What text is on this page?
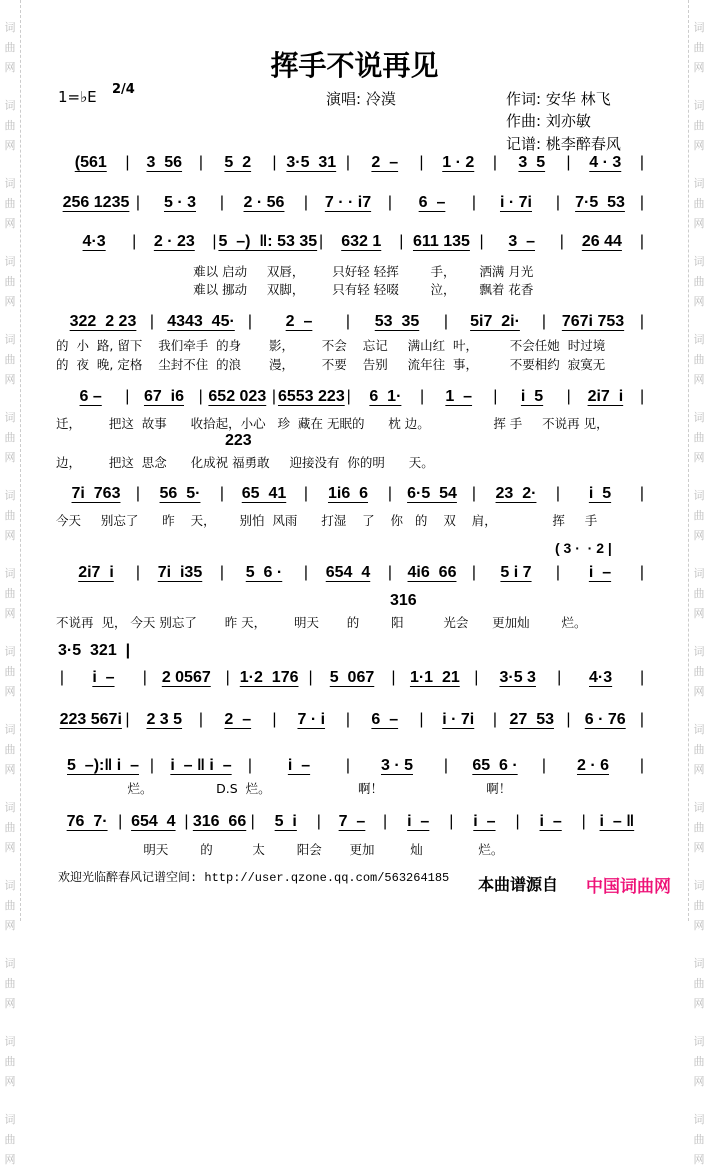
词
曲
网
词
曲
网
词
曲
网
词
曲
网
词
曲
网
词
曲
网
词
曲
网
词
曲
网
词
曲
网
词
曲
网
词
曲
网
词
曲
网
词
曲
网
词
曲
网
词
曲
网
词
曲
网
词
曲
网
词
曲
网
词
曲
网
词
曲
网
词
曲
网
词
曲
网
词
曲
网
词
曲
网
词
曲
网
词
曲
网
词
曲
网
词
曲
网
词
曲
网
词
曲
网
挥手不说再见
1=♭E 2/4
演唱: 冷漠	作词: 安华 林飞
作曲: 刘亦敏
记谱: 桃李醉春风
(561	|	3  56	|	5  2	| 3·5  31 |	2  –	|	1 · 2	|	3  5	|	4 · 3	|
256 1235 |	5 · 3	|	2 · 56	|	7 · · i7	|	6  –	|	i · 7i	| 7·5  53 |
4·3	|	2 · 23	| 5  –)  ‖: 53 35 |	632 1	| 611 135 |	3  –	|	26 44	|
322  2 23 | 4343  45· |	2  –	|	53  35	|	5i7  2i·	| 767i 753 |
6 –	| 67  i6 | 652 023 | 6553 223 |	6  1·	|	1  –	|	i  5	|	2i7  i	|
7i  763 |	56  5·	|	65  41	|	1i6  6	| 6·5  54 |	23  2·	|	i  5	|
2i7  i	|	7i  i35	|	5  6 ·	|	654  4	| 4i6  66 |	5 i 7	|	i  –	|
|	i  –	| 2 0567 | 1·2  176 |	5  067	| 1·1  21 |	3·5 3	|	4·3	|
223 567i |	2 3 5	|	2  –	|	7 · i	|	6  –	|	i · 7i	| 27  53 | 6 · 76 |
5  –):‖ i  – |	i  – ‖ i  –	|	i  –	|	3 · 5	|	65  6 ·	|	2 · 6	|
76  7· | 654  4 | 316  66 |	5  i	|	7  –	|	i  –	|	i  –	|	i  –	| i  – ‖
( 3 ·  · 2 |
223
316
3·5  321  |
难以 启动     双唇，       只好轻 轻挥        手，      洒满 月光
难以 挪动     双脚，       只有轻 轻啜        泣，      飘着 花香
的  小  路, 留下    我们牵手  的身       影，       不会    忘记     满山红  叶，        不会任她  时过境
的  夜  晚, 定格    尘封不住  的浪       漫，       不要    告别     流年往  事，        不要相约  寂寞无
迁，       把这  故事      收拾起，小心   珍  藏在 无眠的      枕 边。                挥 手     不说再 见，
边，       把这  思念      化成祝 福勇敢     迎接没有  你的明      天。
今天     别忘了      昨    天，      别怕  风雨      打湿    了    你   的    双    肩，              挥     手
不说再  见， 今天 别忘了       昨 天，       明天       的        阳          光会      更加灿        烂。
烂。                D.S  烂。                      啊！                          啊！
明天        的          太        阳会       更加         灿              烂。
欢迎光临醉春风记谱空间: http://user.qzone.qq.com/563264185 本曲谱源自 中国词曲网
